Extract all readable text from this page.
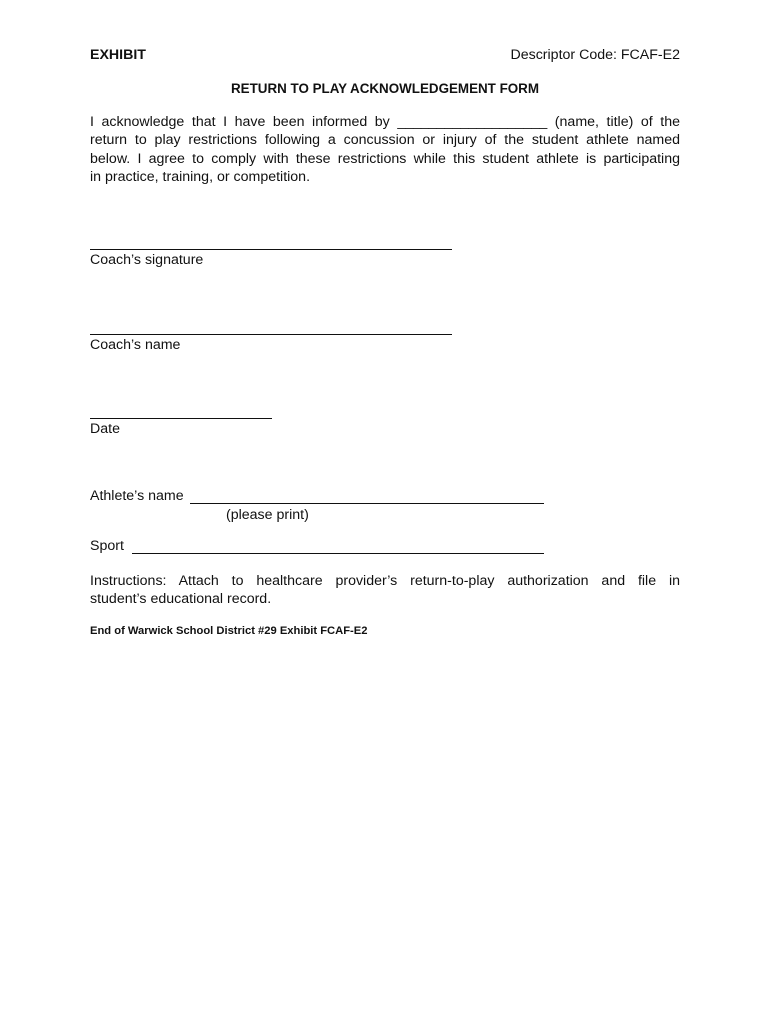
EXHIBIT	Descriptor Code: FCAF-E2
RETURN TO PLAY ACKNOWLEDGEMENT FORM
I acknowledge that I have been informed by ___________________ (name, title) of the
return to play restrictions following a concussion or injury of the student athlete named
below. I agree to comply with these restrictions while this student athlete is participating
in practice, training, or competition.
Coach’s signature
Coach’s name
Date
Athlete’s name
(please print)
Sport
Instructions: Attach to healthcare provider’s return-to-play authorization and file in
student’s educational record.
End of Warwick School District #29 Exhibit FCAF-E2
